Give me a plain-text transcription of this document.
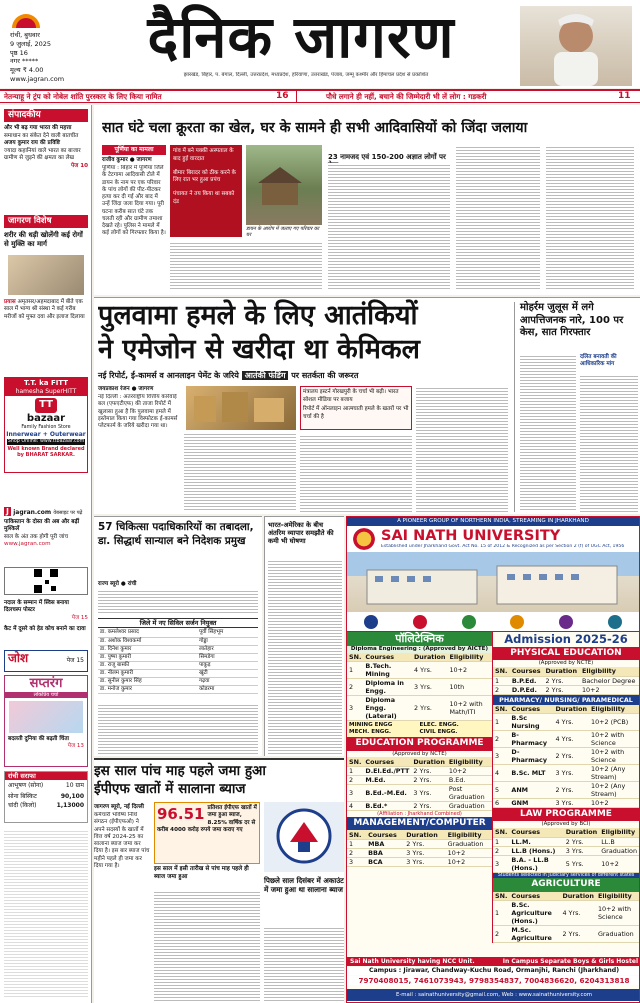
रांची, बुधवार
9 जुलाई, 2025
पृष्ठ 16
नगर *****
मूल्य ₹ 4.00
www.jagran.com
दैनिक जागरण
झारखंड, बिहार, प. बंगाल, दिल्ली, उत्तरप्रदेश, मध्यप्रदेश, हरियाणा, उत्तराखंड, पंजाब, जम्मू कश्मीर और हिमाचल प्रदेश से प्रकाशित
नेतन्याहू ने ट्रंप को नोबेल शांति पुरस्कार के लिए किया नामित	16	पौधे लगाने ही नहीं, बचाने की जिम्मेदारी भी लें लोग : गडकरी	11
संपादकीय
और भी बढ़ गया भारत की महत्ता
समाधान का संकेत देने वाली बातचीत
अजय कुमार राय की प्रविष्टि
ज्यादा कहानियां वाले भारत का बाजार
ग्रामीण से जुड़ने की क्षमता का लेख
पेज 10
जागरण विशेष
शरीर की धड़ी खोलेंगी कई रोगों से मुक्ति का मार्ग
प्रयास अमृतसर/अहमदाबाद में बीते एक साल में भाग्य श्री संस्था ने कई गरीब मरीजों को मुफ्त दवा और इलाज दिलाया
T.T. ka FITT
hamesha SuperHITT
TT
bazaar
Family Fashion Store
Innerwear + Outerwear
Shop Online: www.ttbazaar.com
Well known Brand declared by BHARAT SARKAR.
J jagran.com वेबसाइट पर पढ़ें
पाकिस्तान के दोस्त की अब और बढ़ीं मुश्किलें
साल के अंत तक होगी पूरी जांच
www.jagran.com
नदाल के सम्मान में स्विस बनाया दिलचस्प पोस्टर
पेज 15
कैट में दूसरे को हेड कोच बनाने का दावा
जोश	पेज 15
सप्तरंग
लोकप्रिय चर्चा
बदलती दुनिया की बढ़ती चिंता
पेज 13
रांची सराफा
आभूषण (सोना)	10 ग्राम
सोना बिस्किट	90,100
चांदी (किलो)	1,13000
सात घंटे चला क्रूरता का खेल, घर के सामने ही सभी आदिवासियों को जिंदा जलाया
पूर्णिया का मामला
राजीव कुमार ● जागरण
पूर्णिया : बिहार में पूर्णिया जिले के टेटगामा आदिवासी टोले में डायन के नाम पर एक परिवार के पांच लोगों की पीट-पीटकर हत्या कर दी गई और बाद में उन्हें जिंदा जला दिया गया। पूरी घटना करीब सात घंटे तक चलती रही और ग्रामीण तमाशा देखते रहे। पुलिस ने मामले में कई लोगों को गिरफ्तार किया है।
गांव में बने पक्की अस्पताल के बाद हुई वारदात
बीमार बिरादर को ठीक करने के लिए रात भर हुआ प्रपंच
पंचायत ने तय किया था सबको दंड
डायन के आरोप में जलाए गए परिवार का घर
23 नामजद एवं 150-200 अज्ञात लोगों पर
पुलवामा हमले के लिए आतंकियों
ने एमेजोन से खरीदा था केमिकल
नई रिपोर्ट, ई-कामर्स व आनलाइन पेमेंट के जरिये आतंकी फंडिंग पर सतर्कता की जरूरत
जयप्रकाश रंजन ● जागरण
नई दिल्ली : अंतरराष्ट्रीय वित्तीय कार्रवाई बल (एफएटीएफ) की ताजा रिपोर्ट में खुलासा हुआ है कि पुलवामा हमले में इस्तेमाल किया गया विस्फोटक ई-कामर्स प्लेटफार्म के जरिये खरीदा गया था।
मंत्रालय इस्टर्न गोरखपुरी के चर्चा भी बढ़ी। भारत सोशल मीडिया पर बजाय
रिपोर्ट में ऑनलाइन आत्मघाती हमले के खतरों पर भी चर्चा की है
मोहर्रम जुलूस में लगे आपत्तिजनक नारे, 100 पर केस, सात गिरफ्तार
दलित बनावती की आधिकारिक मांग
57 चिकित्सा पदाधिकारियों का तबादला, डा. सिद्धार्थ सान्याल बने निदेशक प्रमुख
राज्य ब्यूरो ● रांची
जिले में नए सिविल सर्जन नियुक्त
डा. कमलेश्वर प्रसाद	पूर्वी सिंहभूम
डा. अशोक विश्वकर्मा	गोड्डा
डा. दिनेश कुमार	लातेहार
डा. पुष्पा कुमारी	सिमडेगा
डा. राजू बास्की	पाकुड़
डा. नीलम कुमारी	खूंटी
डा. सुनील कुमार सिंह	गढ़वा
डा. मनोज कुमार	कोडरमा
भारत-अमेरिका के बीच अंतरिम व्यापार समझौते की कमी भी घोषणा
A PIONEER GROUP OF NORTHERN INDIA, STREAMING IN JHARKHAND
SAI NATH UNIVERSITY
Established under Jharkhand Govt. Act No. 15 of 2012 & Recognized as per Section 2 (f) of UGC Act, 1956
पॉलिटेक्निक
Diploma Engineering : (Approved by AICTE)
SN.	Courses	Duration	Eligibility
1	B.Tech. Mining	4 Yrs.	10+2
2	Diploma in Engg.	3 Yrs.	10th
3	Diploma Engg. (Lateral)	2 Yrs.	10+2 with Math/ITI
MINING ENGG	ELEC. ENGG.
MECH. ENGG.	CIVIL ENGG.
EDUCATION PROGRAMME
(Approved by NCTE)
SN.	Courses	Duration	Eligibility
1	D.El.Ed./PTT	2 Yrs.	10+2
2	M.Ed.	2 Yrs.	B.Ed.
3	B.Ed.-M.Ed.	3 Yrs.	Post Graduation
4	B.Ed.*	2 Yrs.	Graduation
(Affiliation : Jharkhand Combined)
MANAGEMENT/COMPUTER
SN.	Courses	Duration	Eligibility
1	MBA	2 Yrs.	Graduation
2	BBA	3 Yrs.	10+2
3	BCA	3 Yrs.	10+2
Admission 2025-26
PHYSICAL EDUCATION
(Approved by NCTE)
SN.	Courses	Duration	Eligibility
1	B.P.Ed.	2 Yrs.	Bachelor Degree
2	D.P.Ed.	2 Yrs.	10+2
PHARMACY/ NURSING/ PARAMEDICAL
SN.	Courses	Duration	Eligibility
1	B.Sc Nursing	4 Yrs.	10+2 (PCB)
2	B-Pharmacy	4 Yrs.	10+2 with Science
3	D-Pharmacy	2 Yrs.	10+2 with Science
4	B.Sc. MLT	3 Yrs.	10+2 (Any Stream)
5	ANM	2 Yrs.	10+2 (Any Stream)
6	GNM	3 Yrs.	10+2
LAW PROGRAMME
(Approved by BCI)
SN.	Courses	Duration	Eligibility
1	LL.M.	2 Yrs.	LL.B
2	LL.B (Hons.)	3 Yrs.	Graduation
3	B.A. - LL.B (Hons.)	5 Yrs.	10+2
Students selected in Judiciary services of different states
AGRICULTURE
SN.	Courses	Duration	Eligibility
1	B.Sc. Agriculture (Hons.)	4 Yrs.	10+2 with Science
2	M.Sc. Agriculture	2 Yrs.	Graduation
Sai Nath University having NCC Unit.	In Campus Separate Boys & Girls Hostel
Campus : Jirawar, Chandway-Kuchu Road, Ormanjhi, Ranchi (Jharkhand)
7970408015, 7461073943, 9798354837, 7004836620, 6204313818
E-mail : sainathuniversity@gmail.com, Web : www.sainathuniversity.com
इस साल पांच माह पहले जमा हुआ
ईपीएफ खातों में सालाना ब्याज
जागरण ब्यूरो, नई दिल्ली
कर्मचारी भविष्य निधि संगठन (ईपीएफओ) ने अपने सदस्यों के खातों में वित्त वर्ष 2024-25 का सालाना ब्याज जमा कर दिया है। इस बार ब्याज पांच महीने पहले ही जमा कर दिया गया है।
96.51 प्रतिशत ईपीएफ खातों में जमा हुआ ब्याज, 8.25% वार्षिक दर से करीब 4000 करोड़ रुपये जमा कराए गए
इस साल में इसी तारीख से पांच माह पहले ही ब्याज जमा हुआ	पिछले साल दिसंबर में अकाउंट में जमा हुआ था सालाना ब्याज
